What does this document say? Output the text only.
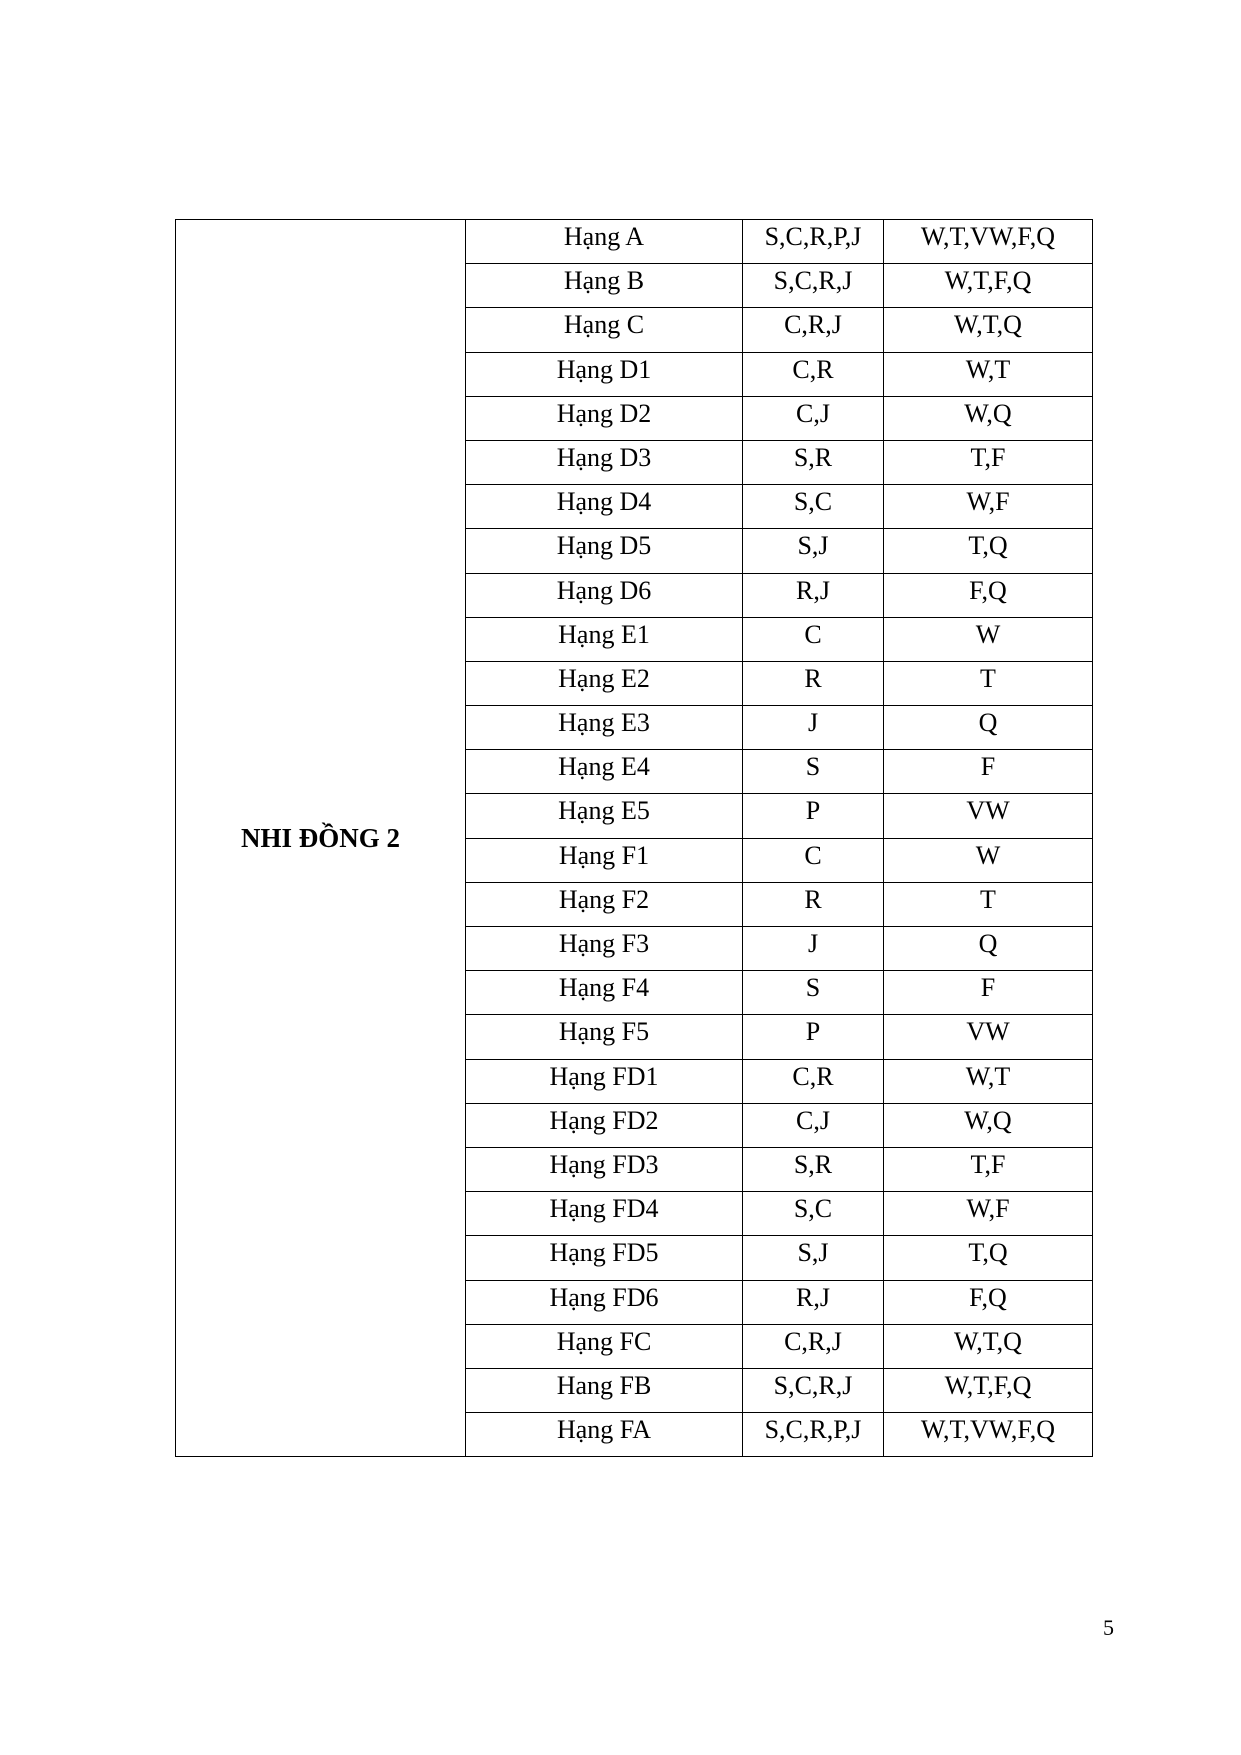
NHI ĐỒNG 2	Hạng A	S,C,R,P,J	W,T,VW,F,Q
	Hạng B	S,C,R,J	W,T,F,Q
	Hạng C	C,R,J	W,T,Q
	Hạng D1	C,R	W,T
	Hạng D2	C,J	W,Q
	Hạng D3	S,R	T,F
	Hạng D4	S,C	W,F
	Hạng D5	S,J	T,Q
	Hạng D6	R,J	F,Q
	Hạng E1	C	W
	Hạng E2	R	T
	Hạng E3	J	Q
	Hạng E4	S	F
	Hạng E5	P	VW
	Hạng F1	C	W
	Hạng F2	R	T
	Hạng F3	J	Q
	Hạng F4	S	F
	Hạng F5	P	VW
	Hạng FD1	C,R	W,T
	Hạng FD2	C,J	W,Q
	Hạng FD3	S,R	T,F
	Hạng FD4	S,C	W,F
	Hạng FD5	S,J	T,Q
	Hạng FD6	R,J	F,Q
	Hạng FC	C,R,J	W,T,Q
	Hang FB	S,C,R,J	W,T,F,Q
	Hạng FA	S,C,R,P,J	W,T,VW,F,Q
5
